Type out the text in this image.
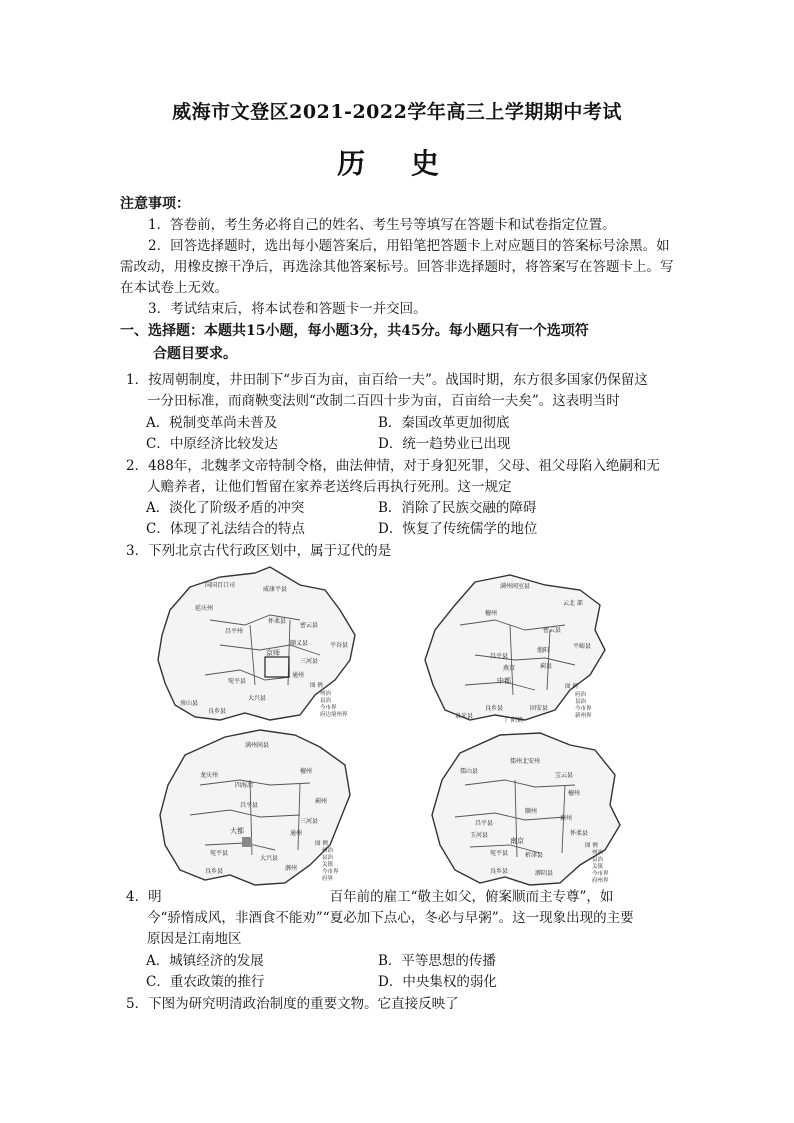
威海市文登区2021-2022学年高三上学期期中考试
历 史
注意事项：
1．答卷前，考生务必将自己的姓名、考生号等填写在答题卡和试卷指定位置。
2．回答选择题时，选出每小题答案后，用铅笔把答题卡上对应题目的答案标号涂黑。如需改动，用橡皮擦干净后，再选涂其他答案标号。回答非选择题时，将答案写在答题卡上。写在本试卷上无效。
3．考试结束后，将本试卷和答题卡一并交回。
一、选择题：本题共15小题，每小题3分，共45分。每小题只有一个选项符
合题目要求。
1．按周朝制度，井田制下“步百为亩，亩百给一夫”。战国时期，东方很多国家仍保留这
一分田标准，而商鞅变法则“改制二百四十步为亩，百亩给一夫矣”。这表明当时
A．税制变革尚未普及	B．秦国改革更加彻底
C．中原经济比较发达	D．统一趋势业已出现
2．488年，北魏孝文帝特制令格，曲法伸情，对于身犯死罪，父母、祖父母陷入绝嗣和无
人赡养者，让他们暂留在家养老送终后再执行死刑。这一规定
A．淡化了阶级矛盾的冲突	B．消除了民族交融的障碍
C．体现了礼法结合的特点	D．恢复了传统儒学的地位
3．下列北京古代行政区划中，属于辽代的是
威康平县
国国百口司
延庆州
昌平州
怀柔县
密云县
平谷县
顺义县
三河县
京师
通州
房山县
大兴县
良乡县
宛平县
图 例
州治
县治
今市界
府边境州界
满州间室县
云北 部
檀州
密云县
平峪县
昌平县
渔阳
蓟县
燕京
中都
广阳镇
良乡县	固安县
泉光县
图 例
府治
县治
今市界
新州界
满州间县
龙庆州
四海冶
檀州
昌平县
蓟州
大都	通州
宛平县
大兴县
良乡县
三河县
漷州
图 例
州治
县治
关镇
今市界
府界
儒州北安州
宝云县
檀州
儒山县
昌平县
顺州
玉河县
南京
蓟州
怀柔县
宛平县	析津县
良乡县	漷阴县
图 例
州治
县治
关镇
今市界
府州界
4．明	百年前的雇工“敬主如父，俯案顺而主专尊”，如
今“骄惰成风，非酒食不能劝”“夏必加下点心，冬必与早粥”。这一现象出现的主要
原因是江南地区
A．城镇经济的发展	B．平等思想的传播
C．重农政策的推行	D．中央集权的弱化
5．下图为研究明清政治制度的重要文物。它直接反映了
